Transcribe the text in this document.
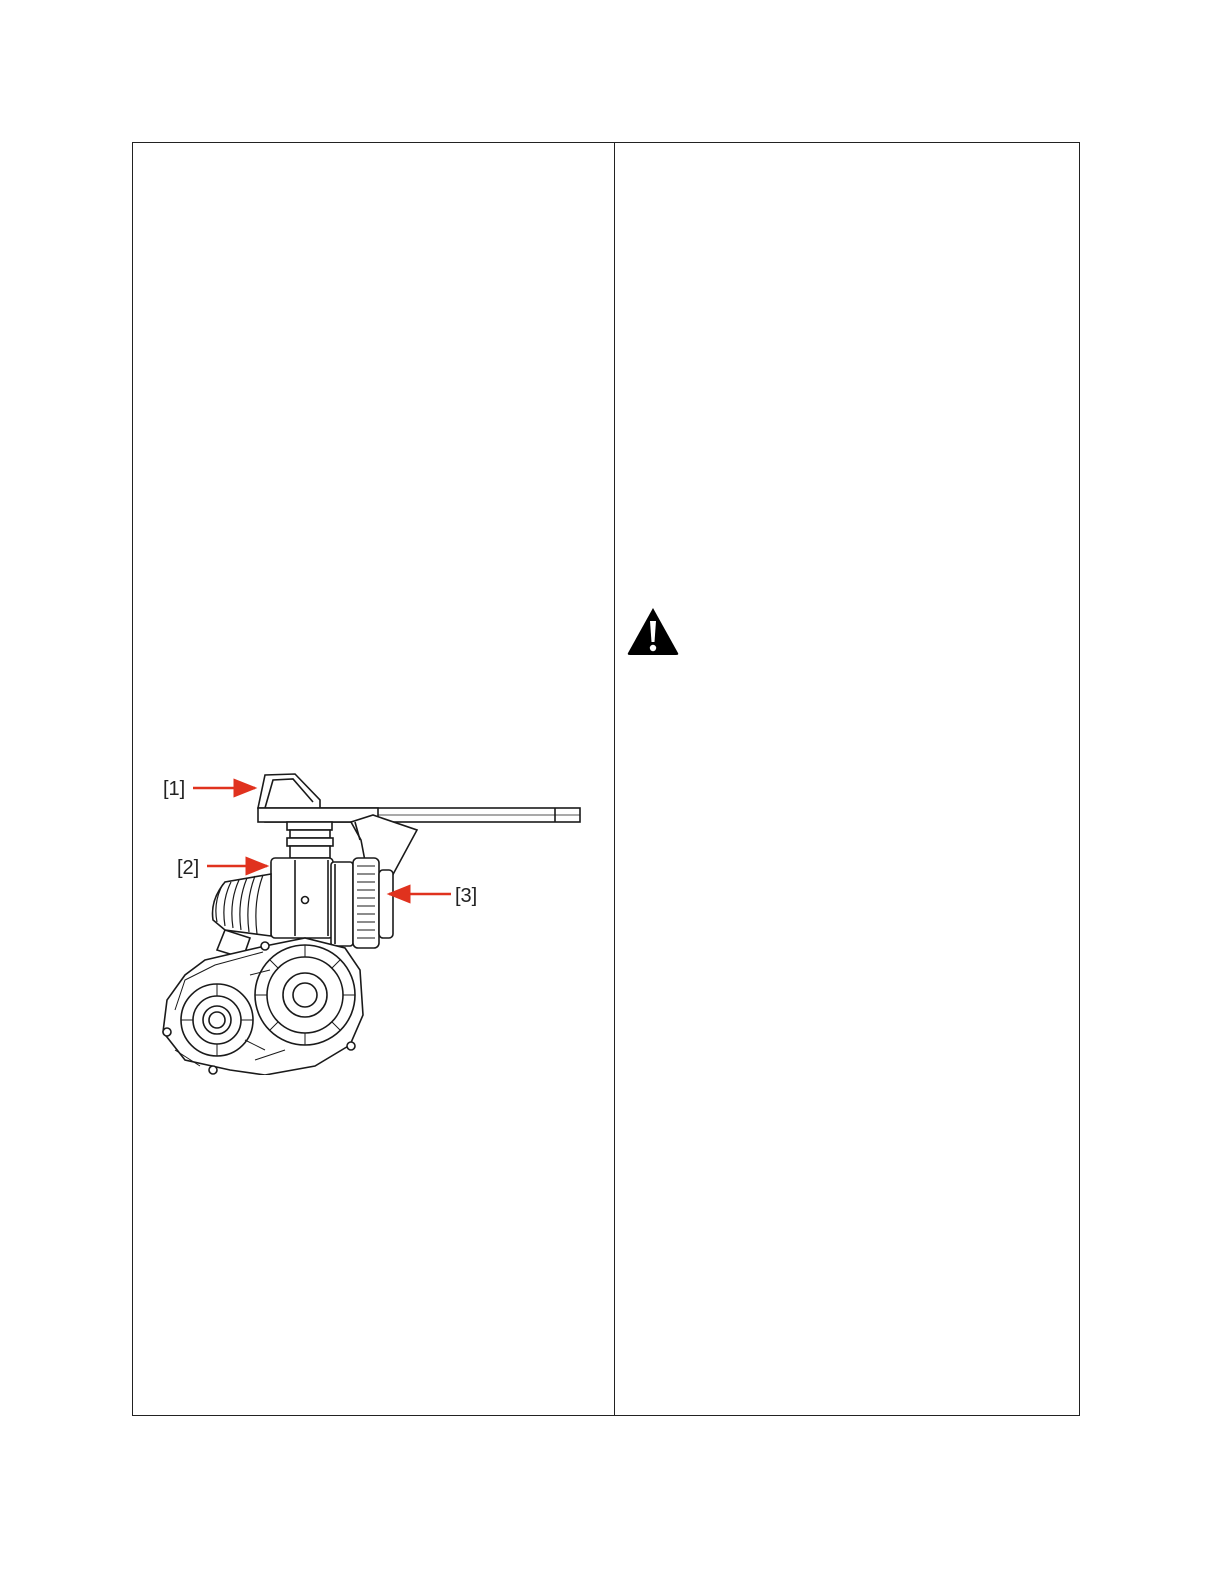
[1]
[2]
[3]
